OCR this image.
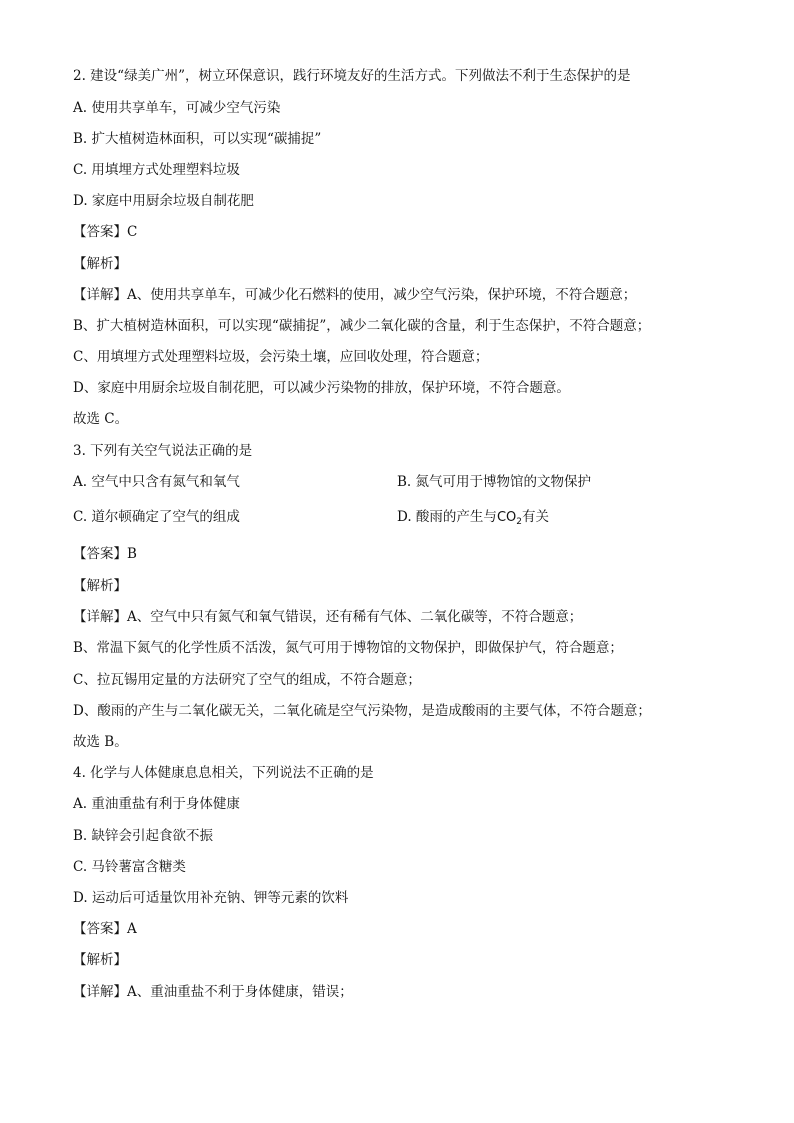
2. 建设“绿美广州”，树立环保意识，践行环境友好的生活方式。下列做法不利于生态保护的是
A. 使用共享单车，可减少空气污染
B. 扩大植树造林面积，可以实现“碳捕捉”
C. 用填埋方式处理塑料垃圾
D. 家庭中用厨余垃圾自制花肥
【答案】C
【解析】
【详解】A、使用共享单车，可减少化石燃料的使用，减少空气污染，保护环境，不符合题意；
B、扩大植树造林面积，可以实现“碳捕捉”，减少二氧化碳的含量，利于生态保护，不符合题意；
C、用填埋方式处理塑料垃圾，会污染土壤，应回收处理，符合题意；
D、家庭中用厨余垃圾自制花肥，可以减少污染物的排放，保护环境，不符合题意。
故选 C。
3. 下列有关空气说法正确的是
A. 空气中只含有氮气和氧气	B. 氮气可用于博物馆的文物保护
C. 道尔顿确定了空气的组成	D. 酸雨的产生与$CO_2$有关
【答案】B
【解析】
【详解】A、空气中只有氮气和氧气错误，还有稀有气体、二氧化碳等，不符合题意；
B、常温下氮气的化学性质不活泼，氮气可用于博物馆的文物保护，即做保护气，符合题意；
C、拉瓦锡用定量的方法研究了空气的组成，不符合题意；
D、酸雨的产生与二氧化碳无关，二氧化硫是空气污染物，是造成酸雨的主要气体，不符合题意；
故选 B。
4. 化学与人体健康息息相关，下列说法不正确的是
A. 重油重盐有利于身体健康
B. 缺锌会引起食欲不振
C. 马铃薯富含糖类
D. 运动后可适量饮用补充钠、钾等元素的饮料
【答案】A
【解析】
【详解】A、重油重盐不利于身体健康，错误；
